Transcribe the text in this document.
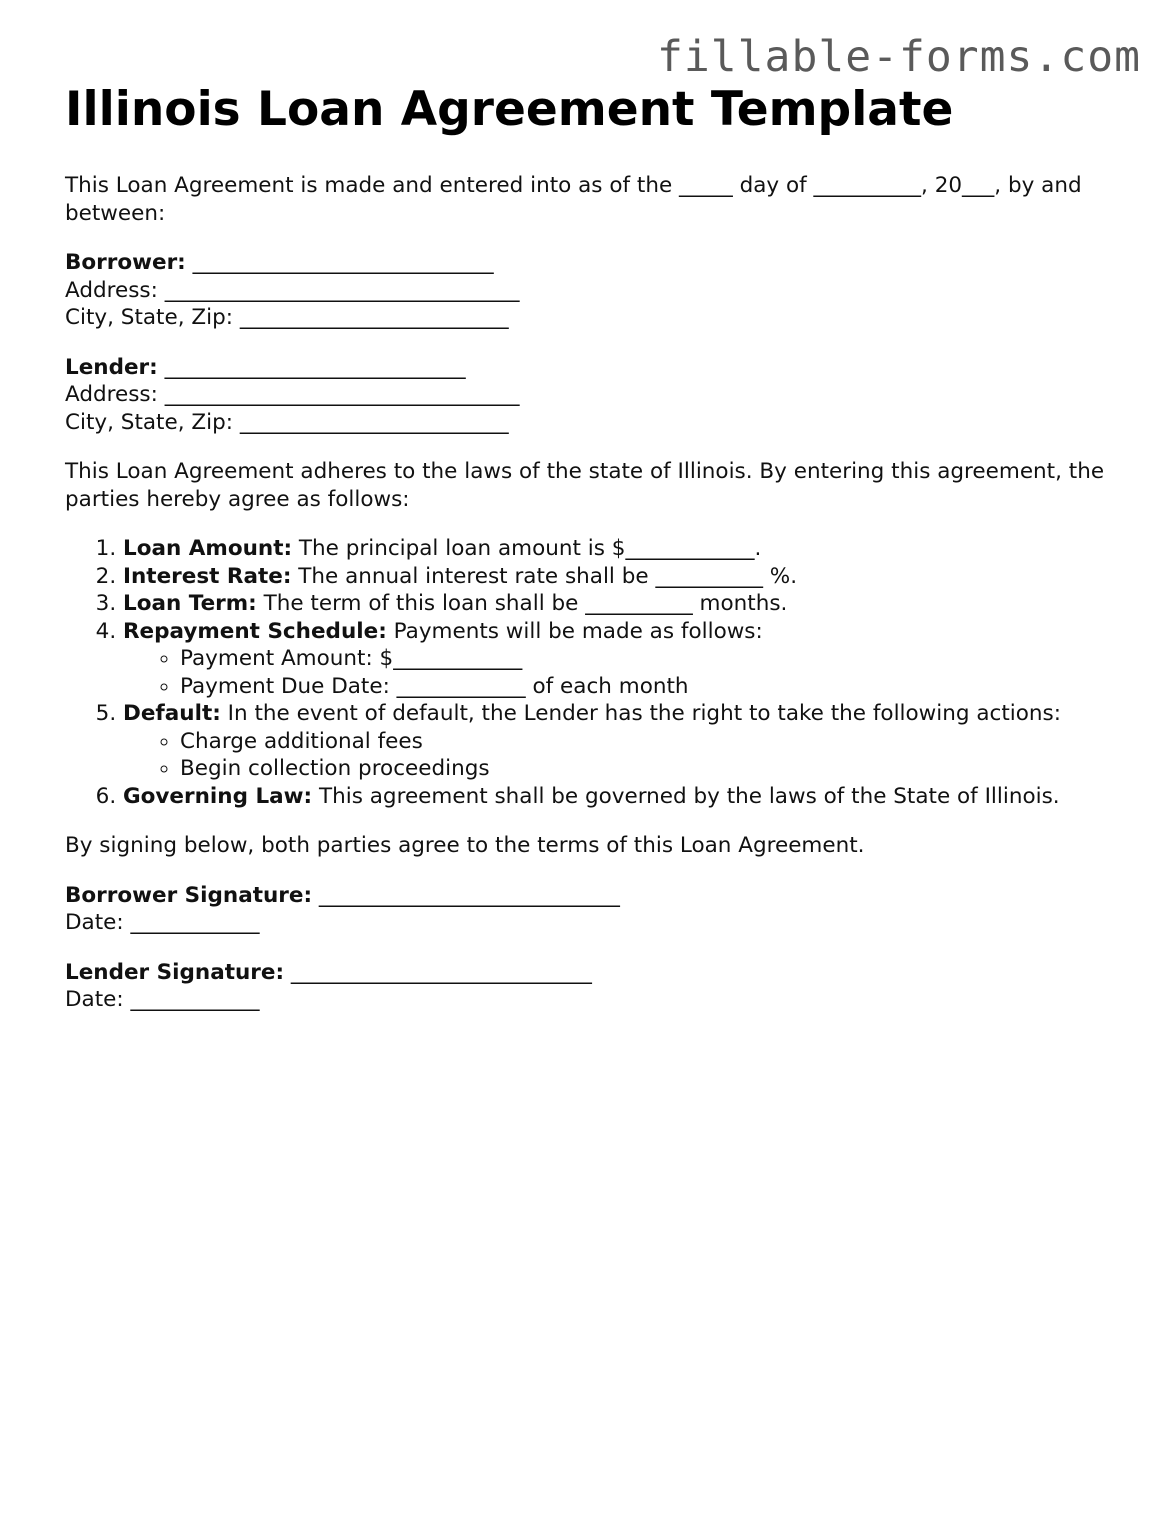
fillable-forms.com
Illinois Loan Agreement Template

This Loan Agreement is made and entered into as of the _____ day of __________, 20___, by and between:

Borrower: ____________________________
Address: _________________________________
City, State, Zip: _________________________
Lender: ____________________________
Address: _________________________________
City, State, Zip: _________________________

This Loan Agreement adheres to the laws of the state of Illinois. By entering this agreement, the parties hereby agree as follows:

1. Loan Amount: The principal loan amount is $____________.
2. Interest Rate: The annual interest rate shall be __________ %.
3. Loan Term: The term of this loan shall be __________ months.
4. Repayment Schedule: Payments will be made as follows:
◦ Payment Amount: $____________
◦ Payment Due Date: ____________ of each month
5. Default: In the event of default, the Lender has the right to take the following actions:
◦ Charge additional fees
◦ Begin collection proceedings
6. Governing Law: This agreement shall be governed by the laws of the State of Illinois.

By signing below, both parties agree to the terms of this Loan Agreement.

Borrower Signature: ____________________________
Date: ____________
Lender Signature: ____________________________
Date: ____________
